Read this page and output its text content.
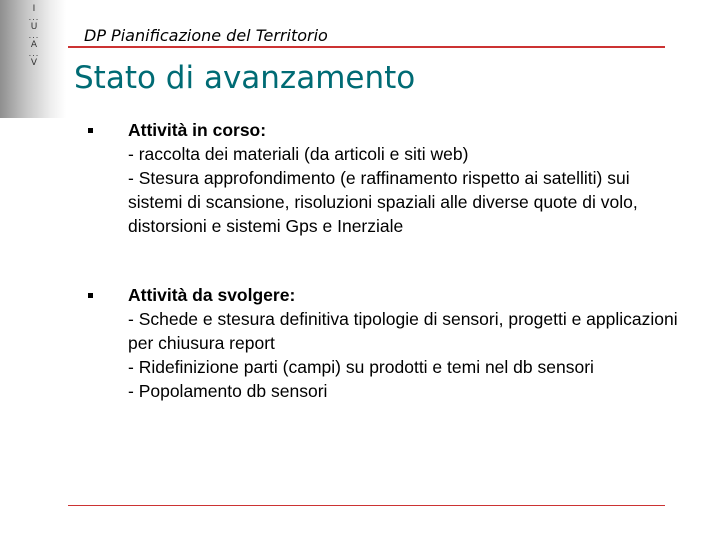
I
...
U
...
A
...
V
DP Pianificazione del Territorio
Stato di avanzamento
Attività in corso:
- raccolta dei materiali (da articoli e siti web)
- Stesura approfondimento (e raffinamento rispetto ai satelliti) sui sistemi di scansione, risoluzioni spaziali alle diverse quote di volo, distorsioni e sistemi Gps e Inerziale
Attività da svolgere:
- Schede e stesura definitiva tipologie di sensori, progetti e applicazioni per chiusura report
- Ridefinizione parti (campi) su prodotti e temi nel db sensori
- Popolamento db sensori
